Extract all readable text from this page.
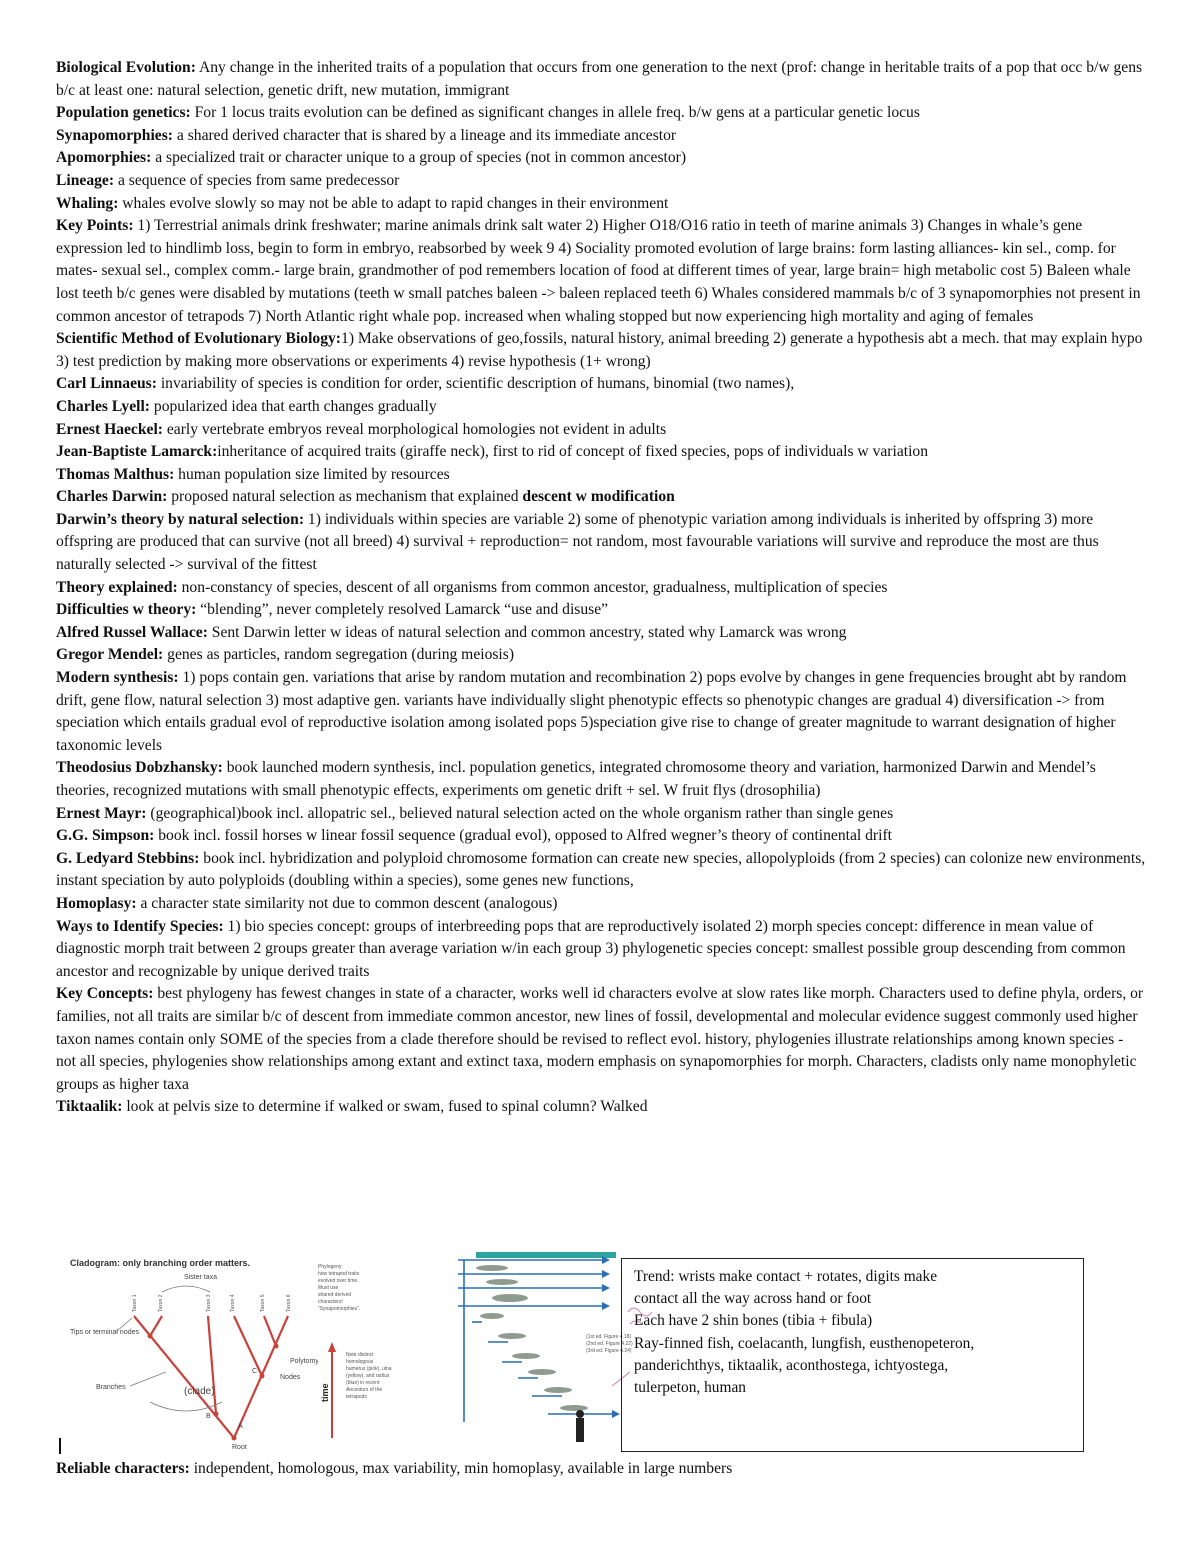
Biological Evolution: Any change in the inherited traits of a population that occurs from one generation to the next (prof: change in heritable traits of a pop that occ b/w gens b/c at least one: natural selection, genetic drift, new mutation, immigrant
Population genetics: For 1 locus traits evolution can be defined as significant changes in allele freq. b/w gens at a particular genetic locus
Synapomorphies: a shared derived character that is shared by a lineage and its immediate ancestor
Apomorphies: a specialized trait or character unique to a group of species (not in common ancestor)
Lineage: a sequence of species from same predecessor
Whaling: whales evolve slowly so may not be able to adapt to rapid changes in their environment
Key Points: 1) Terrestrial animals drink freshwater; marine animals drink salt water 2) Higher O18/O16 ratio in teeth of marine animals 3) Changes in whale’s gene expression led to hindlimb loss, begin to form in embryo, reabsorbed by week 9 4) Sociality promoted evolution of large brains: form lasting alliances- kin sel., comp. for mates- sexual sel., complex comm.- large brain, grandmother of pod remembers location of food at different times of year, large brain= high metabolic cost 5) Baleen whale lost teeth b/c genes were disabled by mutations (teeth w small patches baleen -> baleen replaced teeth 6) Whales considered mammals b/c of 3 synapomorphies not present in common ancestor of tetrapods 7) North Atlantic right whale pop. increased when whaling stopped but now experiencing high mortality and aging of females
Scientific Method of Evolutionary Biology:1) Make observations of geo,fossils, natural history, animal breeding 2) generate a hypothesis abt a mech. that may explain hypo 3) test prediction by making more observations or experiments 4) revise hypothesis (1+ wrong)
Carl Linnaeus: invariability of species is condition for order, scientific description of humans, binomial (two names),
Charles Lyell: popularized idea that earth changes gradually
Ernest Haeckel: early vertebrate embryos reveal morphological homologies not evident in adults
Jean-Baptiste Lamarck:inheritance of acquired traits (giraffe neck), first to rid of concept of fixed species, pops of individuals w variation
Thomas Malthus: human population size limited by resources
Charles Darwin: proposed natural selection as mechanism that explained descent w modification
Darwin’s theory by natural selection: 1) individuals within species are variable 2) some of phenotypic variation among individuals is inherited by offspring 3) more offspring are produced that can survive (not all breed) 4) survival + reproduction= not random, most favourable variations will survive and reproduce the most are thus naturally selected -> survival of the fittest
Theory explained: non-constancy of species, descent of all organisms from common ancestor, gradualness, multiplication of species
Difficulties w theory: “blending”, never completely resolved Lamarck “use and disuse”
Alfred Russel Wallace: Sent Darwin letter w ideas of natural selection and common ancestry, stated why Lamarck was wrong
Gregor Mendel: genes as particles, random segregation (during meiosis)
Modern synthesis: 1) pops contain gen. variations that arise by random mutation and recombination 2) pops evolve by changes in gene frequencies brought abt by random drift, gene flow, natural selection 3) most adaptive gen. variants have individually slight phenotypic effects so phenotypic changes are gradual 4) diversification -> from speciation which entails gradual evol of reproductive isolation among isolated pops 5)speciation give rise to change of greater magnitude to warrant designation of higher taxonomic levels
Theodosius Dobzhansky: book launched modern synthesis, incl. population genetics, integrated chromosome theory and variation, harmonized Darwin and Mendel’s theories, recognized mutations with small phenotypic effects, experiments om genetic drift + sel. W fruit flys (drosophilia)
Ernest Mayr: (geographical)book incl. allopatric sel., believed natural selection acted on the whole organism rather than single genes
G.G. Simpson: book incl. fossil horses w linear fossil sequence (gradual evol), opposed to Alfred wegner’s theory of continental drift
G. Ledyard Stebbins: book incl. hybridization and polyploid chromosome formation can create new species, allopolyploids (from 2 species) can colonize new environments, instant speciation by auto polyploids (doubling within a species), some genes new functions,
Homoplasy: a character state similarity not due to common descent (analogous)
Ways to Identify Species: 1) bio species concept: groups of interbreeding pops that are reproductively isolated 2) morph species concept: difference in mean value of diagnostic morph trait between 2 groups greater than average variation w/in each group 3) phylogenetic species concept: smallest possible group descending from common ancestor and recognizable by unique derived traits
Key Concepts: best phylogeny has fewest changes in state of a character, works well id characters evolve at slow rates like morph. Characters used to define phyla, orders, or families, not all traits are similar b/c of descent from immediate common ancestor, new lines of fossil, developmental and molecular evidence suggest commonly used higher taxon names contain only SOME of the species from a clade therefore should be revised to reflect evol. history, phylogenies illustrate relationships among known species - not all species, phylogenies show relationships among extant and extinct taxa, modern emphasis on synapomorphies for morph. Characters, cladists only name monophyletic groups as higher taxa
Tiktaalik: look at pelvis size to determine if walked or swam, fused to spinal column? Walked
Cladogram: only branching order matters.
Sister taxa
Taxon 1	Taxon 2	Taxon 3	Taxon 4	Taxon 5	Taxon 6
Tips or terminal nodes
Branches
Polytomy
Nodes
(clade)
Root
A
B
C
Phylogeny:
how tetrapod traits
evolved over time.
Must use
shared derived
characters!
“Synapomorphies”.
Note distinct
homologous
humerus (pink), ulna
(yellow), and radius
(blue) in recent
Ancestors of the
tetrapods
time
(1st ed. Figure 4.18)
(2nd ed. Figure 4.22)
(3rd ed. Figure 4.24)
Trend: wrists make contact + rotates, digits make
contact all the way across hand or foot
Each have 2 shin bones (tibia + fibula)
Ray-finned fish, coelacanth, lungfish, eusthenopeteron,
panderichthys, tiktaalik, aconthostega, ichtyostega,
tulerpeton, human
Reliable characters: independent, homologous, max variability, min homoplasy, available in large numbers
